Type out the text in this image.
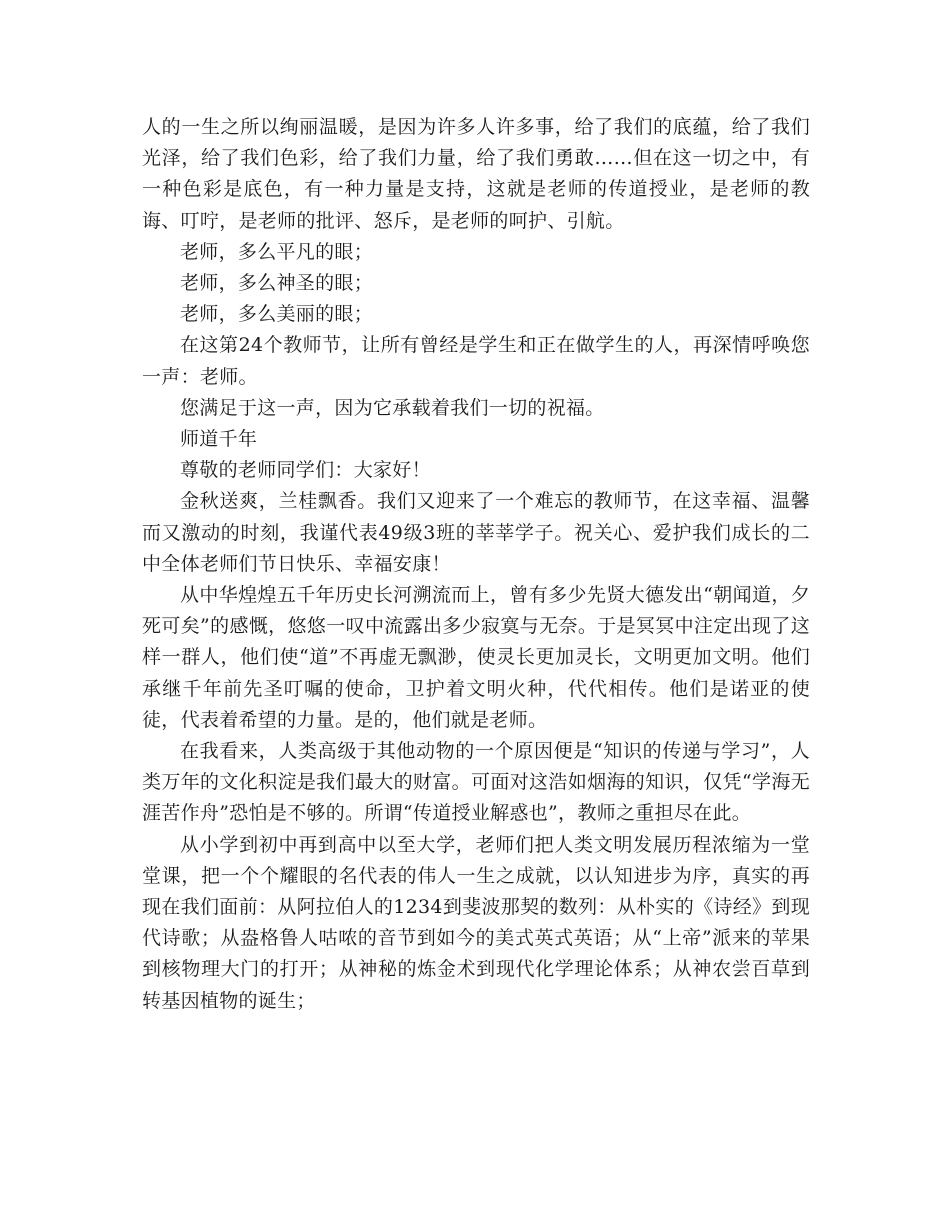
人的一生之所以绚丽温暖，是因为许多人许多事，给了我们的底蕴，给了我们光泽，给了我们色彩，给了我们力量，给了我们勇敢……但在这一切之中，有一种色彩是底色，有一种力量是支持，这就是老师的传道授业，是老师的教诲、叮咛，是老师的批评、怒斥，是老师的呵护、引航。

老师，多么平凡的眼；

老师，多么神圣的眼；

老师，多么美丽的眼；

在这第24个教师节，让所有曾经是学生和正在做学生的人，再深情呼唤您一声：老师。

您满足于这一声，因为它承载着我们一切的祝福。

师道千年

尊敬的老师同学们：大家好！

金秋送爽，兰桂飘香。我们又迎来了一个难忘的教师节，在这幸福、温馨而又激动的时刻，我谨代表49级3班的莘莘学子。祝关心、爱护我们成长的二中全体老师们节日快乐、幸福安康！

从中华煌煌五千年历史长河溯流而上，曾有多少先贤大德发出“朝闻道，夕死可矣”的感慨，悠悠一叹中流露出多少寂寞与无奈。于是冥冥中注定出现了这样一群人，他们使“道”不再虚无飘渺，使灵长更加灵长，文明更加文明。他们承继千年前先圣叮嘱的使命，卫护着文明火种，代代相传。他们是诺亚的使徒，代表着希望的力量。是的，他们就是老师。

在我看来，人类高级于其他动物的一个原因便是“知识的传递与学习”，人类万年的文化积淀是我们最大的财富。可面对这浩如烟海的知识，仅凭“学海无涯苦作舟”恐怕是不够的。所谓“传道授业解惑也”，教师之重担尽在此。

从小学到初中再到高中以至大学，老师们把人类文明发展历程浓缩为一堂堂课，把一个个耀眼的名代表的伟人一生之成就，以认知进步为序，真实的再现在我们面前：从阿拉伯人的1234到斐波那契的数列：从朴实的《诗经》到现代诗歌；从盎格鲁人咕哝的音节到如今的美式英式英语；从“上帝”派来的苹果到核物理大门的打开；从神秘的炼金术到现代化学理论体系；从神农尝百草到转基因植物的诞生；
